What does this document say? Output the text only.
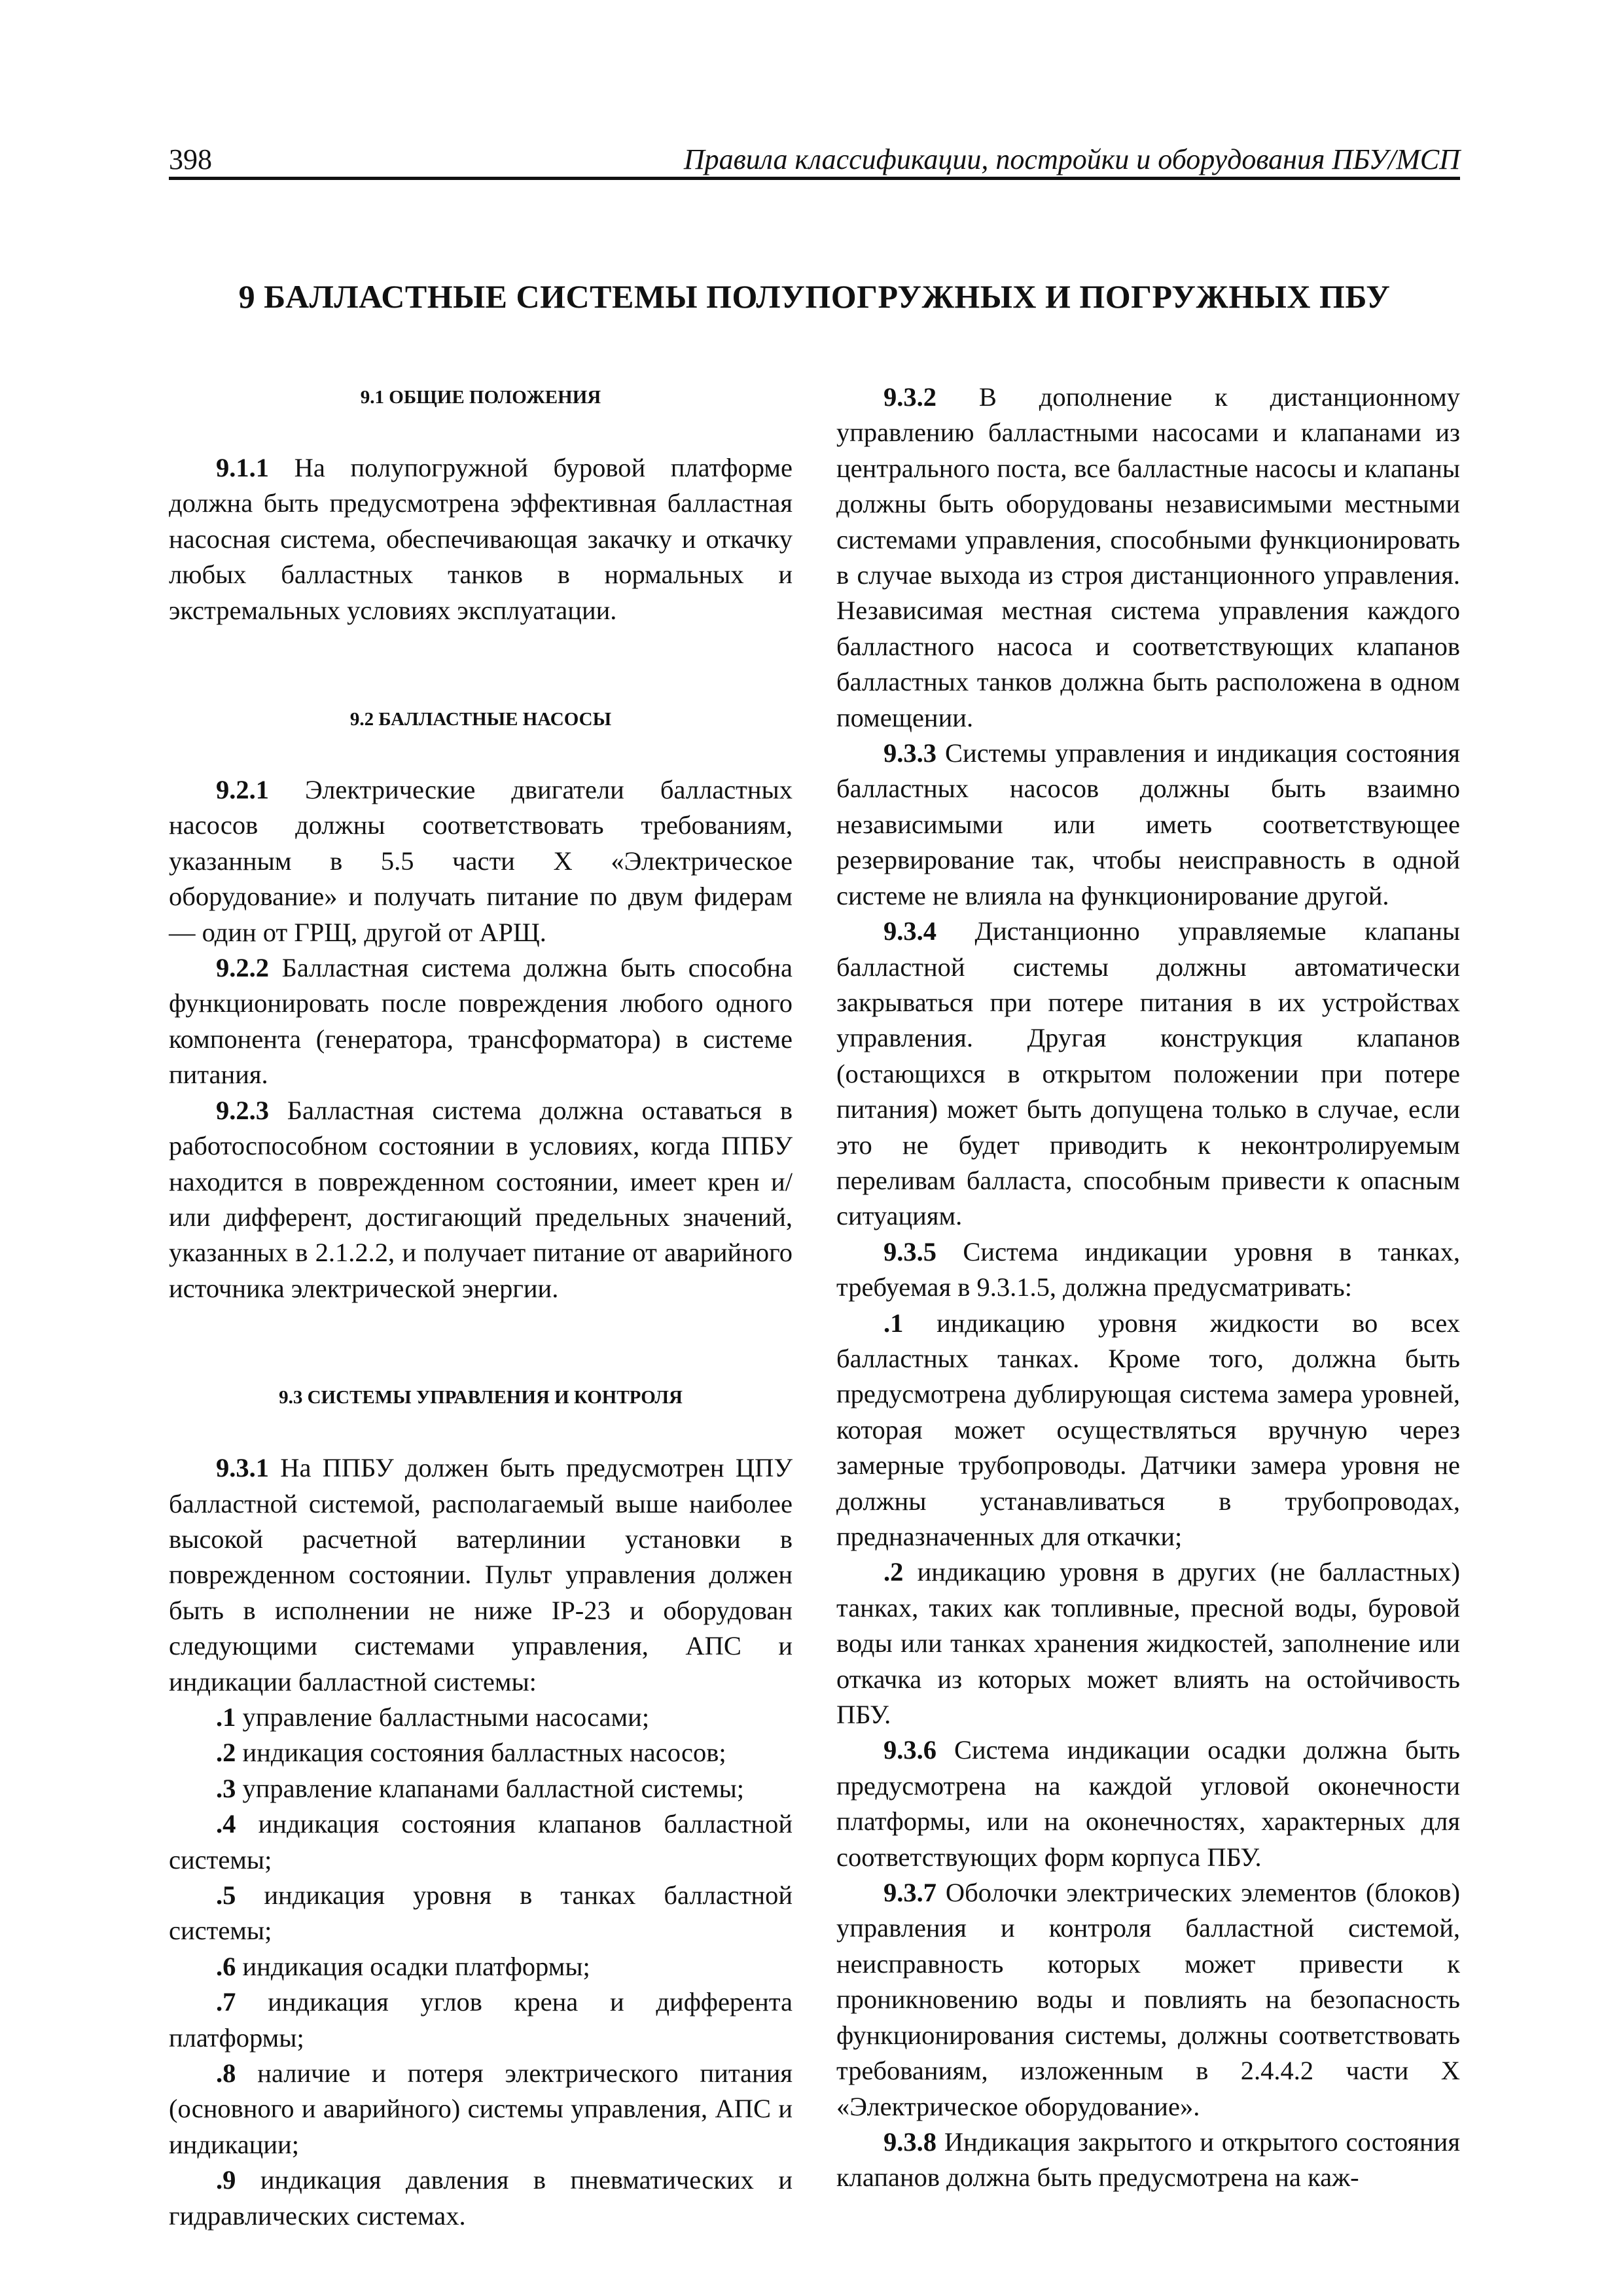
398	Правила классификации, постройки и оборудования ПБУ/МСП
9 БАЛЛАСТНЫЕ СИСТЕМЫ ПОЛУПОГРУЖНЫХ И ПОГРУЖНЫХ ПБУ
9.1 ОБЩИЕ ПОЛОЖЕНИЯ

9.1.1 На полупогружной буровой платформе должна быть предусмотрена эффективная балластная насосная система, обеспечивающая закачку и откачку любых балластных танков в нормальных и экстремальных условиях эксплуатации.

9.2 БАЛЛАСТНЫЕ НАСОСЫ

9.2.1 Электрические двигатели балластных насосов должны соответствовать требованиям, указанным в 5.5 части X «Электрическое оборудование» и получать питание по двум фидерам — один от ГРЩ, другой от АРЩ.

9.2.2 Балластная система должна быть способна функционировать после повреждения любого одного компонента (генератора, трансформатора) в системе питания.

9.2.3 Балластная система должна оставаться в работоспособном состоянии в условиях, когда ППБУ находится в поврежденном состоянии, имеет крен и/или дифферент, достигающий предельных значений, указанных в 2.1.2.2, и получает питание от аварийного источника электрической энергии.

9.3 СИСТЕМЫ УПРАВЛЕНИЯ И КОНТРОЛЯ

9.3.1 На ППБУ должен быть предусмотрен ЦПУ балластной системой, располагаемый выше наиболее высокой расчетной ватерлинии установки в поврежденном состоянии. Пульт управления должен быть в исполнении не ниже IP-23 и оборудован следующими системами управления, АПС и индикации балластной системы:

.1 управление балластными насосами;

.2 индикация состояния балластных насосов;

.3 управление клапанами балластной системы;

.4 индикация состояния клапанов балластной системы;

.5 индикация уровня в танках балластной системы;

.6 индикация осадки платформы;

.7 индикация углов крена и дифферента платформы;

.8 наличие и потеря электрического питания (основного и аварийного) системы управления, АПС и индикации;

.9 индикация давления в пневматических и гидравлических системах.

9.3.2 В дополнение к дистанционному управлению балластными насосами и клапанами из центрального поста, все балластные насосы и клапаны должны быть оборудованы независимыми местными системами управления, способными функционировать в случае выхода из строя дистанционного управления. Независимая местная система управления каждого балластного насоса и соответствующих клапанов балластных танков должна быть расположена в одном помещении.

9.3.3 Системы управления и индикация состояния балластных насосов должны быть взаимно независимыми или иметь соответствующее резервирование так, чтобы неисправность в одной системе не влияла на функционирование другой.

9.3.4 Дистанционно управляемые клапаны балластной системы должны автоматически закрываться при потере питания в их устройствах управления. Другая конструкция клапанов (остающихся в открытом положении при потере питания) может быть допущена только в случае, если это не будет приводить к неконтролируемым переливам балласта, способным привести к опасным ситуациям.

9.3.5 Система индикации уровня в танках, требуемая в 9.3.1.5, должна предусматривать:

.1 индикацию уровня жидкости во всех балластных танках. Кроме того, должна быть предусмотрена дублирующая система замера уровней, которая может осуществляться вручную через замерные трубопроводы. Датчики замера уровня не должны устанавливаться в трубопроводах, предназначенных для откачки;

.2 индикацию уровня в других (не балластных) танках, таких как топливные, пресной воды, буровой воды или танках хранения жидкостей, заполнение или откачка из которых может влиять на остойчивость ПБУ.

9.3.6 Система индикации осадки должна быть предусмотрена на каждой угловой оконечности платформы, или на оконечностях, характерных для соответствующих форм корпуса ПБУ.

9.3.7 Оболочки электрических элементов (блоков) управления и контроля балластной системой, неисправность которых может привести к проникновению воды и повлиять на безопасность функционирования системы, должны соответствовать требованиям, изложенным в 2.4.4.2 части X «Электрическое оборудование».

9.3.8 Индикация закрытого и открытого состояния клапанов должна быть предусмотрена на каж-
